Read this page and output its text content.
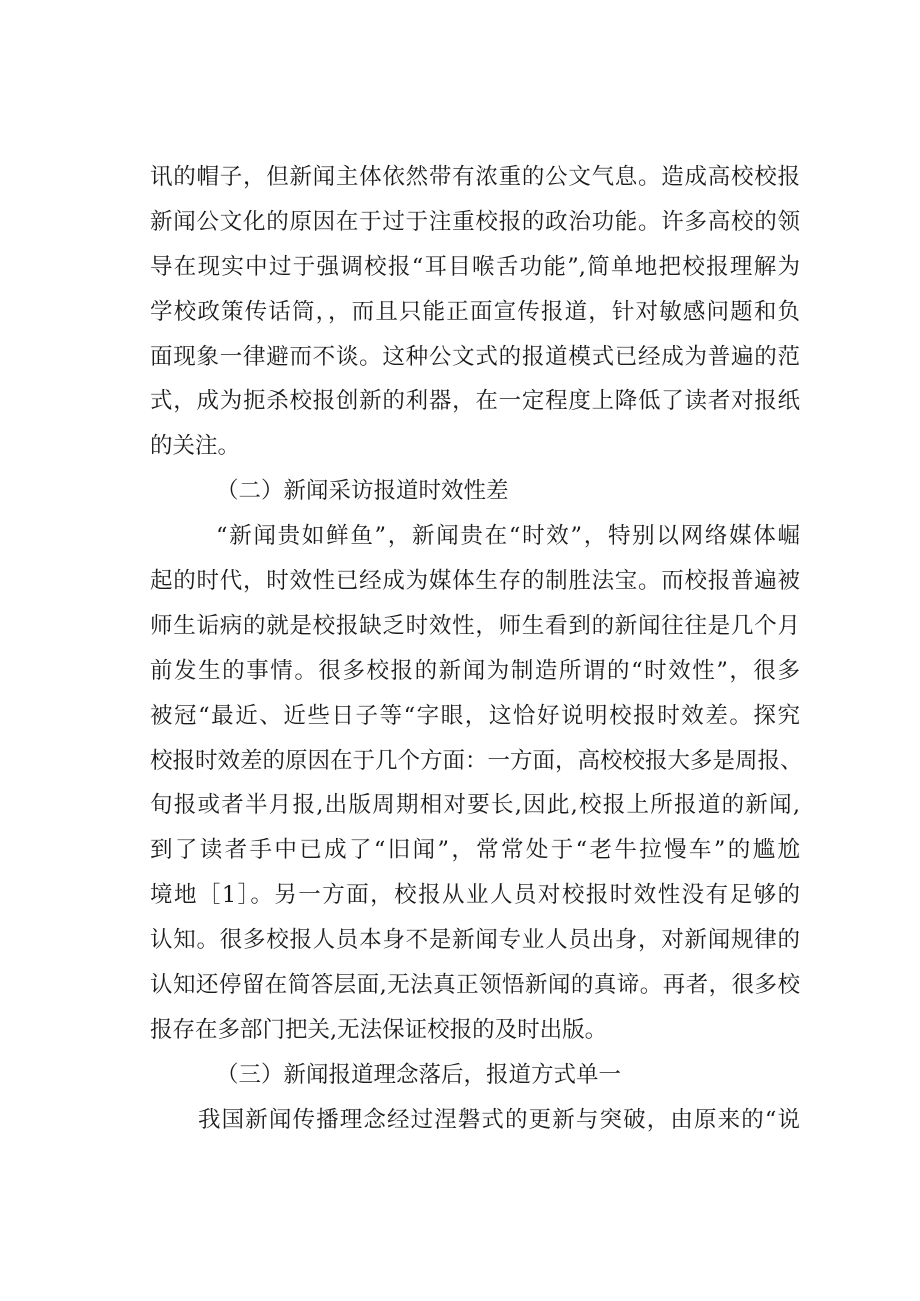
讯的帽子，但新闻主体依然带有浓重的公文气息。造成高校校报
新闻公文化的原因在于过于注重校报的政治功能。许多高校的领
导在现实中过于强调校报“耳目喉舌功能”,简单地把校报理解为
学校政策传话筒，，而且只能正面宣传报道，针对敏感问题和负
面现象一律避而不谈。这种公文式的报道模式已经成为普遍的范
式，成为扼杀校报创新的利器，在一定程度上降低了读者对报纸
的关注。
（二）新闻采访报道时效性差
“新闻贵如鲜鱼”，新闻贵在“时效”，特别以网络媒体崛
起的时代，时效性已经成为媒体生存的制胜法宝。而校报普遍被
师生诟病的就是校报缺乏时效性，师生看到的新闻往往是几个月
前发生的事情。很多校报的新闻为制造所谓的“时效性”，很多
被冠“最近、近些日子等“字眼，这恰好说明校报时效差。探究
校报时效差的原因在于几个方面：一方面，高校校报大多是周报、
旬报或者半月报,出版周期相对要长,因此,校报上所报道的新闻,
到了读者手中已成了“旧闻”，常常处于“老牛拉慢车”的尴尬
境地［1］。另一方面，校报从业人员对校报时效性没有足够的
认知。很多校报人员本身不是新闻专业人员出身，对新闻规律的
认知还停留在简答层面,无法真正领悟新闻的真谛。再者，很多校
报存在多部门把关,无法保证校报的及时出版。
（三）新闻报道理念落后，报道方式单一
我国新闻传播理念经过涅磐式的更新与突破，由原来的“说
